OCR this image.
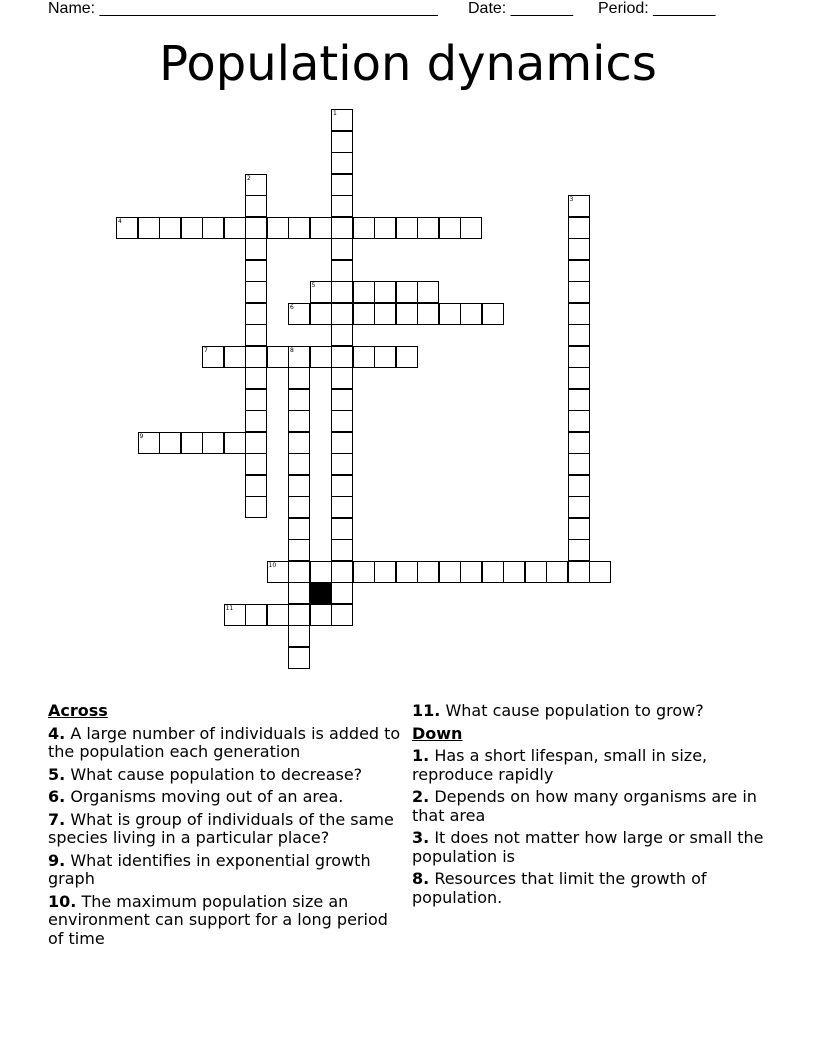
Name: ______________________________________ Date: _______ Period: _______
Population dynamics
4
5
6
7	8
9
10
11
1
2
3
Across
4. A large number of individuals is added to the population each generation
5. What cause population to decrease?
6. Organisms moving out of an area.
7. What is group of individuals of the same species living in a particular place?
9. What identifies in exponential growth graph
10. The maximum population size an environment can support for a long period of time
11. What cause population to grow?
Down
1. Has a short lifespan, small in size, reproduce rapidly
2. Depends on how many organisms are in that area
3. It does not matter how large or small the population is
8. Resources that limit the growth of population.
